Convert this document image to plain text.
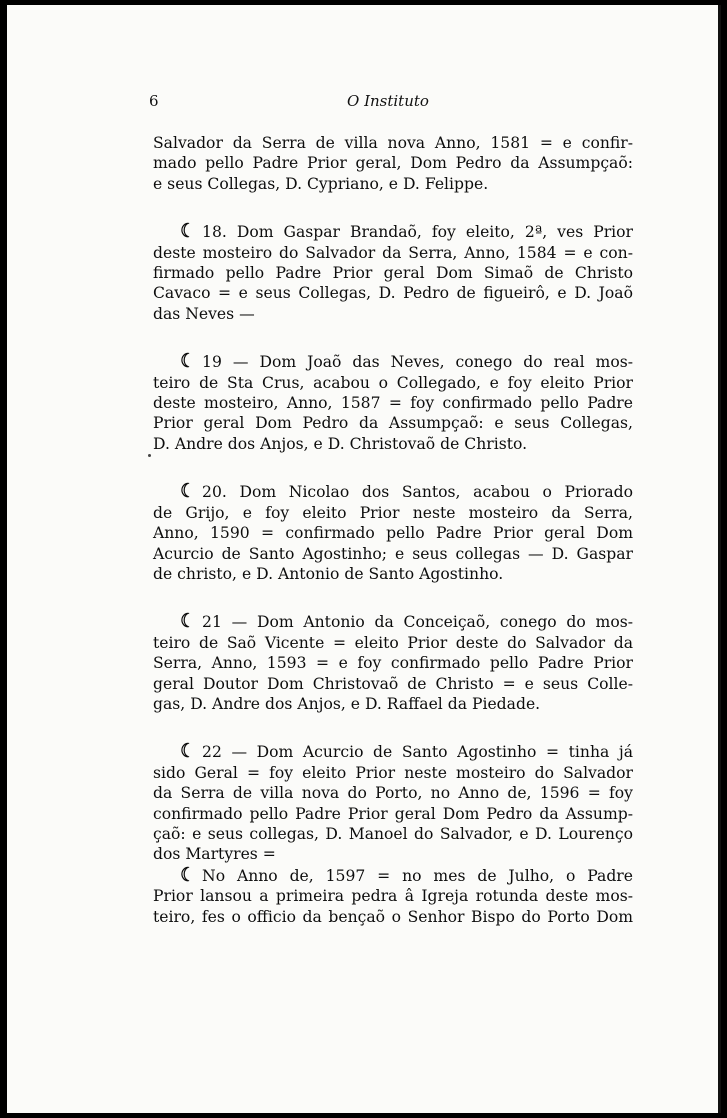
6	O Instituto
Salvador da Serra de villa nova Anno, 1581 = e confir-
mado pello Padre Prior geral, Dom Pedro da Assumpçaõ:
e seus Collegas, D. Cypriano, e D. Felippe.
☾ 18. Dom Gaspar Brandaõ, foy eleito, 2ª, ves Prior
deste mosteiro do Salvador da Serra, Anno, 1584 = e con-
firmado pello Padre Prior geral Dom Simaõ de Christo
Cavaco = e seus Collegas, D. Pedro de figueirô, e D. Joaõ
das Neves —
☾ 19 — Dom Joaõ das Neves, conego do real mos-
teiro de Sta Crus, acabou o Collegado, e foy eleito Prior
deste mosteiro, Anno, 1587 = foy confirmado pello Padre
Prior geral Dom Pedro da Assumpçaõ: e seus Collegas,
D. Andre dos Anjos, e D. Christovaõ de Christo.
☾ 20. Dom Nicolao dos Santos, acabou o Priorado
de Grijo, e foy eleito Prior neste mosteiro da Serra,
Anno, 1590 = confirmado pello Padre Prior geral Dom
Acurcio de Santo Agostinho; e seus collegas — D. Gaspar
de christo, e D. Antonio de Santo Agostinho.
☾ 21 — Dom Antonio da Conceiçaõ, conego do mos-
teiro de Saõ Vicente = eleito Prior deste do Salvador da
Serra, Anno, 1593 = e foy confirmado pello Padre Prior
geral Doutor Dom Christovaõ de Christo = e seus Colle-
gas, D. Andre dos Anjos, e D. Raffael da Piedade.
☾ 22 — Dom Acurcio de Santo Agostinho = tinha já
sido Geral = foy eleito Prior neste mosteiro do Salvador
da Serra de villa nova do Porto, no Anno de, 1596 = foy
confirmado pello Padre Prior geral Dom Pedro da Assump-
çaõ: e seus collegas, D. Manoel do Salvador, e D. Lourenço
dos Martyres =
☾ No Anno de, 1597 = no mes de Julho, o Padre
Prior lansou a primeira pedra â Igreja rotunda deste mos-
teiro, fes o officio da bençaõ o Senhor Bispo do Porto Dom
